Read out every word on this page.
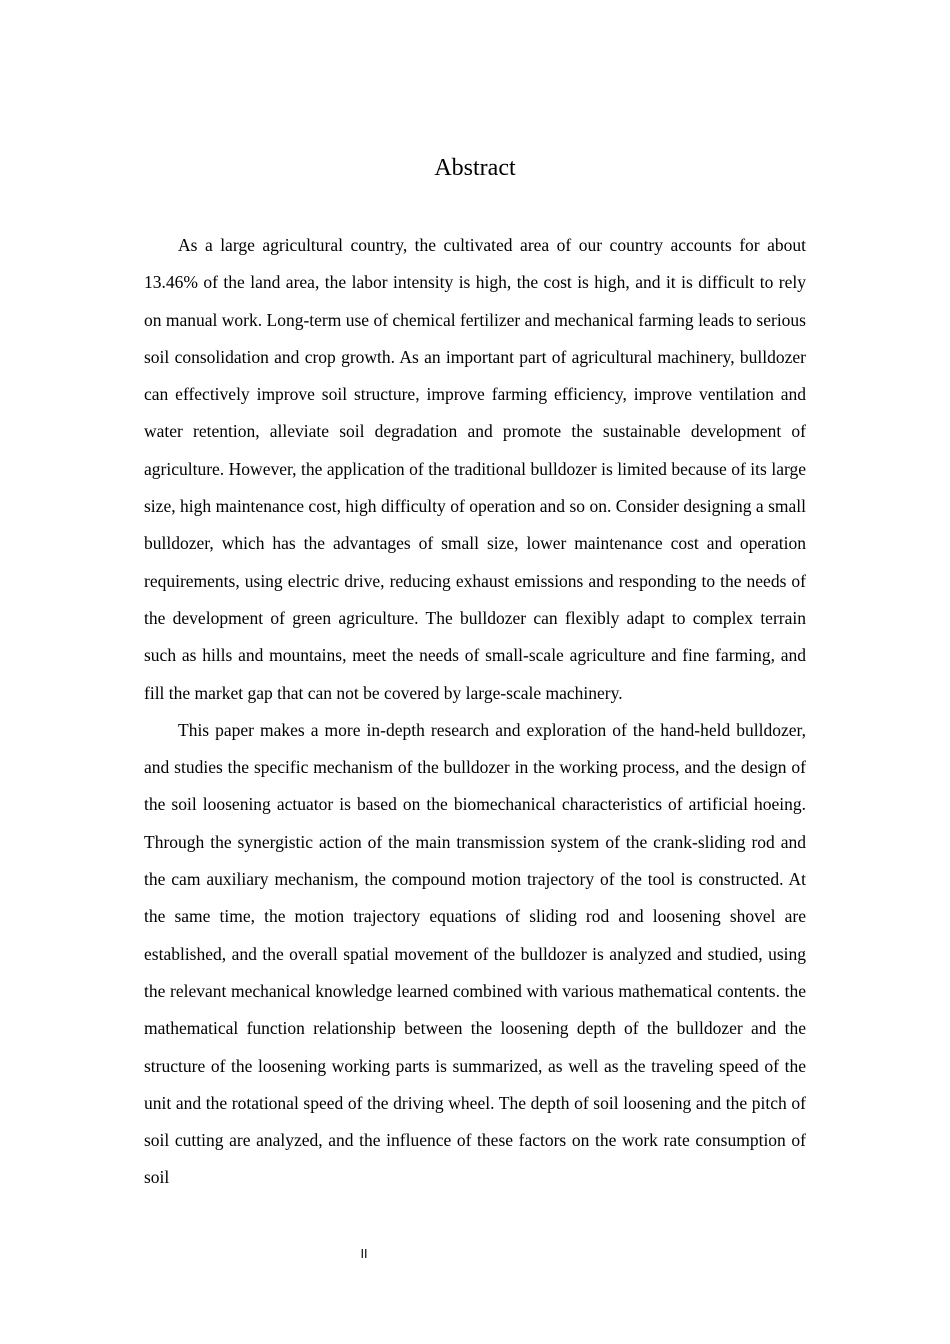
Abstract

As a large agricultural country, the cultivated area of our country accounts for about 13.46% of the land area, the labor intensity is high, the cost is high, and it is difficult to rely on manual work. Long-term use of chemical fertilizer and mechanical farming leads to serious soil consolidation and crop growth. As an important part of agricultural machinery, bulldozer can effectively improve soil structure, improve farming efficiency, improve ventilation and water retention, alleviate soil degradation and promote the sustainable development of agriculture. However, the application of the traditional bulldozer is limited because of its large size, high maintenance cost, high difficulty of operation and so on. Consider designing a small bulldozer, which has the advantages of small size, lower maintenance cost and operation requirements, using electric drive, reducing exhaust emissions and responding to the needs of the development of green agriculture. The bulldozer can flexibly adapt to complex terrain such as hills and mountains, meet the needs of small-scale agriculture and fine farming, and fill the market gap that can not be covered by large-scale machinery.

This paper makes a more in-depth research and exploration of the hand-held bulldozer, and studies the specific mechanism of the bulldozer in the working process, and the design of the soil loosening actuator is based on the biomechanical characteristics of artificial hoeing. Through the synergistic action of the main transmission system of the crank-sliding rod and the cam auxiliary mechanism, the compound motion trajectory of the tool is constructed. At the same time, the motion trajectory equations of sliding rod and loosening shovel are established, and the overall spatial movement of the bulldozer is analyzed and studied, using the relevant mechanical knowledge learned combined with various mathematical contents. the mathematical function relationship between the loosening depth of the bulldozer and the structure of the loosening working parts is summarized, as well as the traveling speed of the unit and the rotational speed of the driving wheel. The depth of soil loosening and the pitch of soil cutting are analyzed, and the influence of these factors on the work rate consumption of soil

II
